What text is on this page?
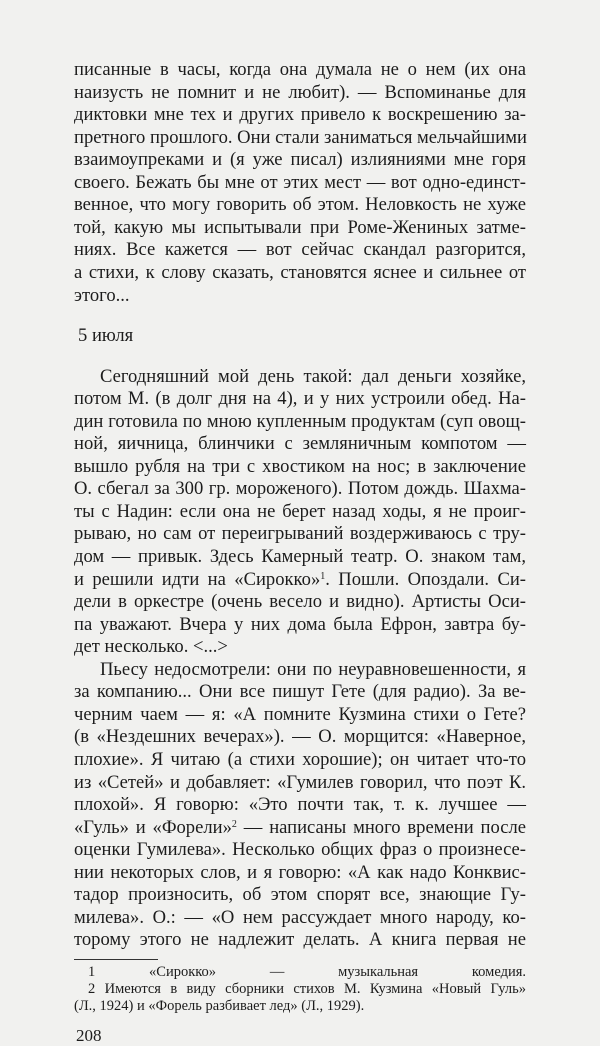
писанные в часы, когда она думала не о нем (их она
наизусть не помнит и не любит). — Вспоминанье для
диктовки мне тех и других привело к воскрешению за-
претного прошлого. Они стали заниматься мельчайшими
взаимоупреками и (я уже писал) излияниями мне горя
своего. Бежать бы мне от этих мест — вот одно-единст-
венное, что могу говорить об этом. Неловкость не хуже
той, какую мы испытывали при Роме-Жениных затме-
ниях. Все кажется — вот сейчас скандал разгорится,
а стихи, к слову сказать, становятся яснее и сильнее от
этого...
5 июля
Сегодняшний мой день такой: дал деньги хозяйке,
потом М. (в долг дня на 4), и у них устроили обед. На-
дин готовила по мною купленным продуктам (суп овощ-
ной, яичница, блинчики с земляничным компотом —
вышло рубля на три с хвостиком на нос; в заключение
О. сбегал за 300 гр. мороженого). Потом дождь. Шахма-
ты с Надин: если она не берет назад ходы, я не проиг-
рываю, но сам от переигрываний воздерживаюсь с тру-
дом — привык. Здесь Камерный театр. О. знаком там,
и решили идти на «Сирокко»$^1$. Пошли. Опоздали. Си-
дели в оркестре (очень весело и видно). Артисты Оси-
па уважают. Вчера у них дома была Ефрон, завтра бу-
дет несколько. <...>
Пьесу недосмотрели: они по неуравновешенности, я
за компанию... Они все пишут Гете (для радио). За ве-
черним чаем — я: «А помните Кузмина стихи о Гете?
(в «Нездешних вечерах»). — О. морщится: «Наверное,
плохие». Я читаю (а стихи хорошие); он читает что-то
из «Сетей» и добавляет: «Гумилев говорил, что поэт К.
плохой». Я говорю: «Это почти так, т. к. лучшее —
«Гуль» и «Форели»$^2$ — написаны много времени после
оценки Гумилева». Несколько общих фраз о произнесе-
нии некоторых слов, и я говорю: «А как надо Конквис-
тадор произносить, об этом спорят все, знающие Гу-
милева». О.: — «О нем рассуждает много народу, ко-
торому этого не надлежит делать. А книга первая не
1 «Сирокко» — музыкальная комедия.
2 Имеются в виду сборники стихов М. Кузмина «Новый Гуль»
(Л., 1924) и «Форель разбивает лед» (Л., 1929).
208
